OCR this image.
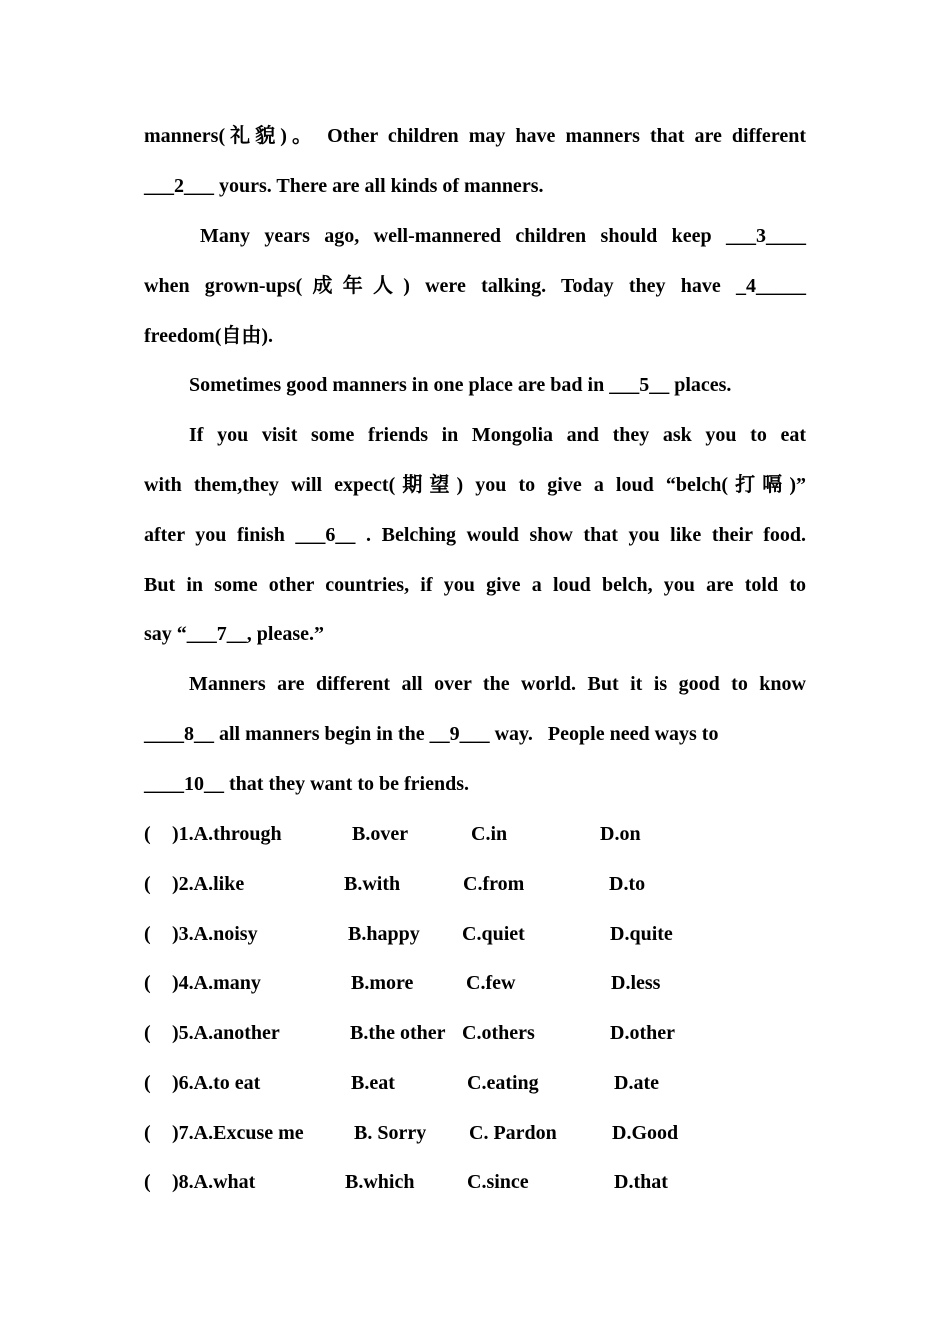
manners(礼貌)。 Other children may have manners that are different
___2___ yours. There are all kinds of manners.
Many years ago, well-mannered children should keep ___3____
when grown-ups(成年人) were talking. Today they have _4_____
freedom(自由).
Sometimes good manners in one place are bad in ___5__ places.
If you visit some friends in Mongolia and they ask you to eat
with them,they will expect(期望) you to give a loud “belch(打嗝)”
after you finish ___6__ . Belching would show that you like their food.
But in some other countries, if you give a loud belch, you are told to
say “___7__, please.”
Manners are different all over the world. But it is good to know
____8__ all manners begin in the __9___ way.   People need ways to
____10__ that they want to be friends.
( )1.A.through	B.over	C.in	D.on
( )2.A.like	B.with	C.from	D.to
( )3.A.noisy	B.happy C.quiet	D.quite
( )4.A.many	B.more	C.few	D.less
( )5.A.another	B.the other C.others	D.other
( )6.A.to eat	B.eat	C.eating	D.ate
( )7.A.Excuse me	B. Sorry C. Pardon	D.Good
( )8.A.what	B.which	C.since	D.that
